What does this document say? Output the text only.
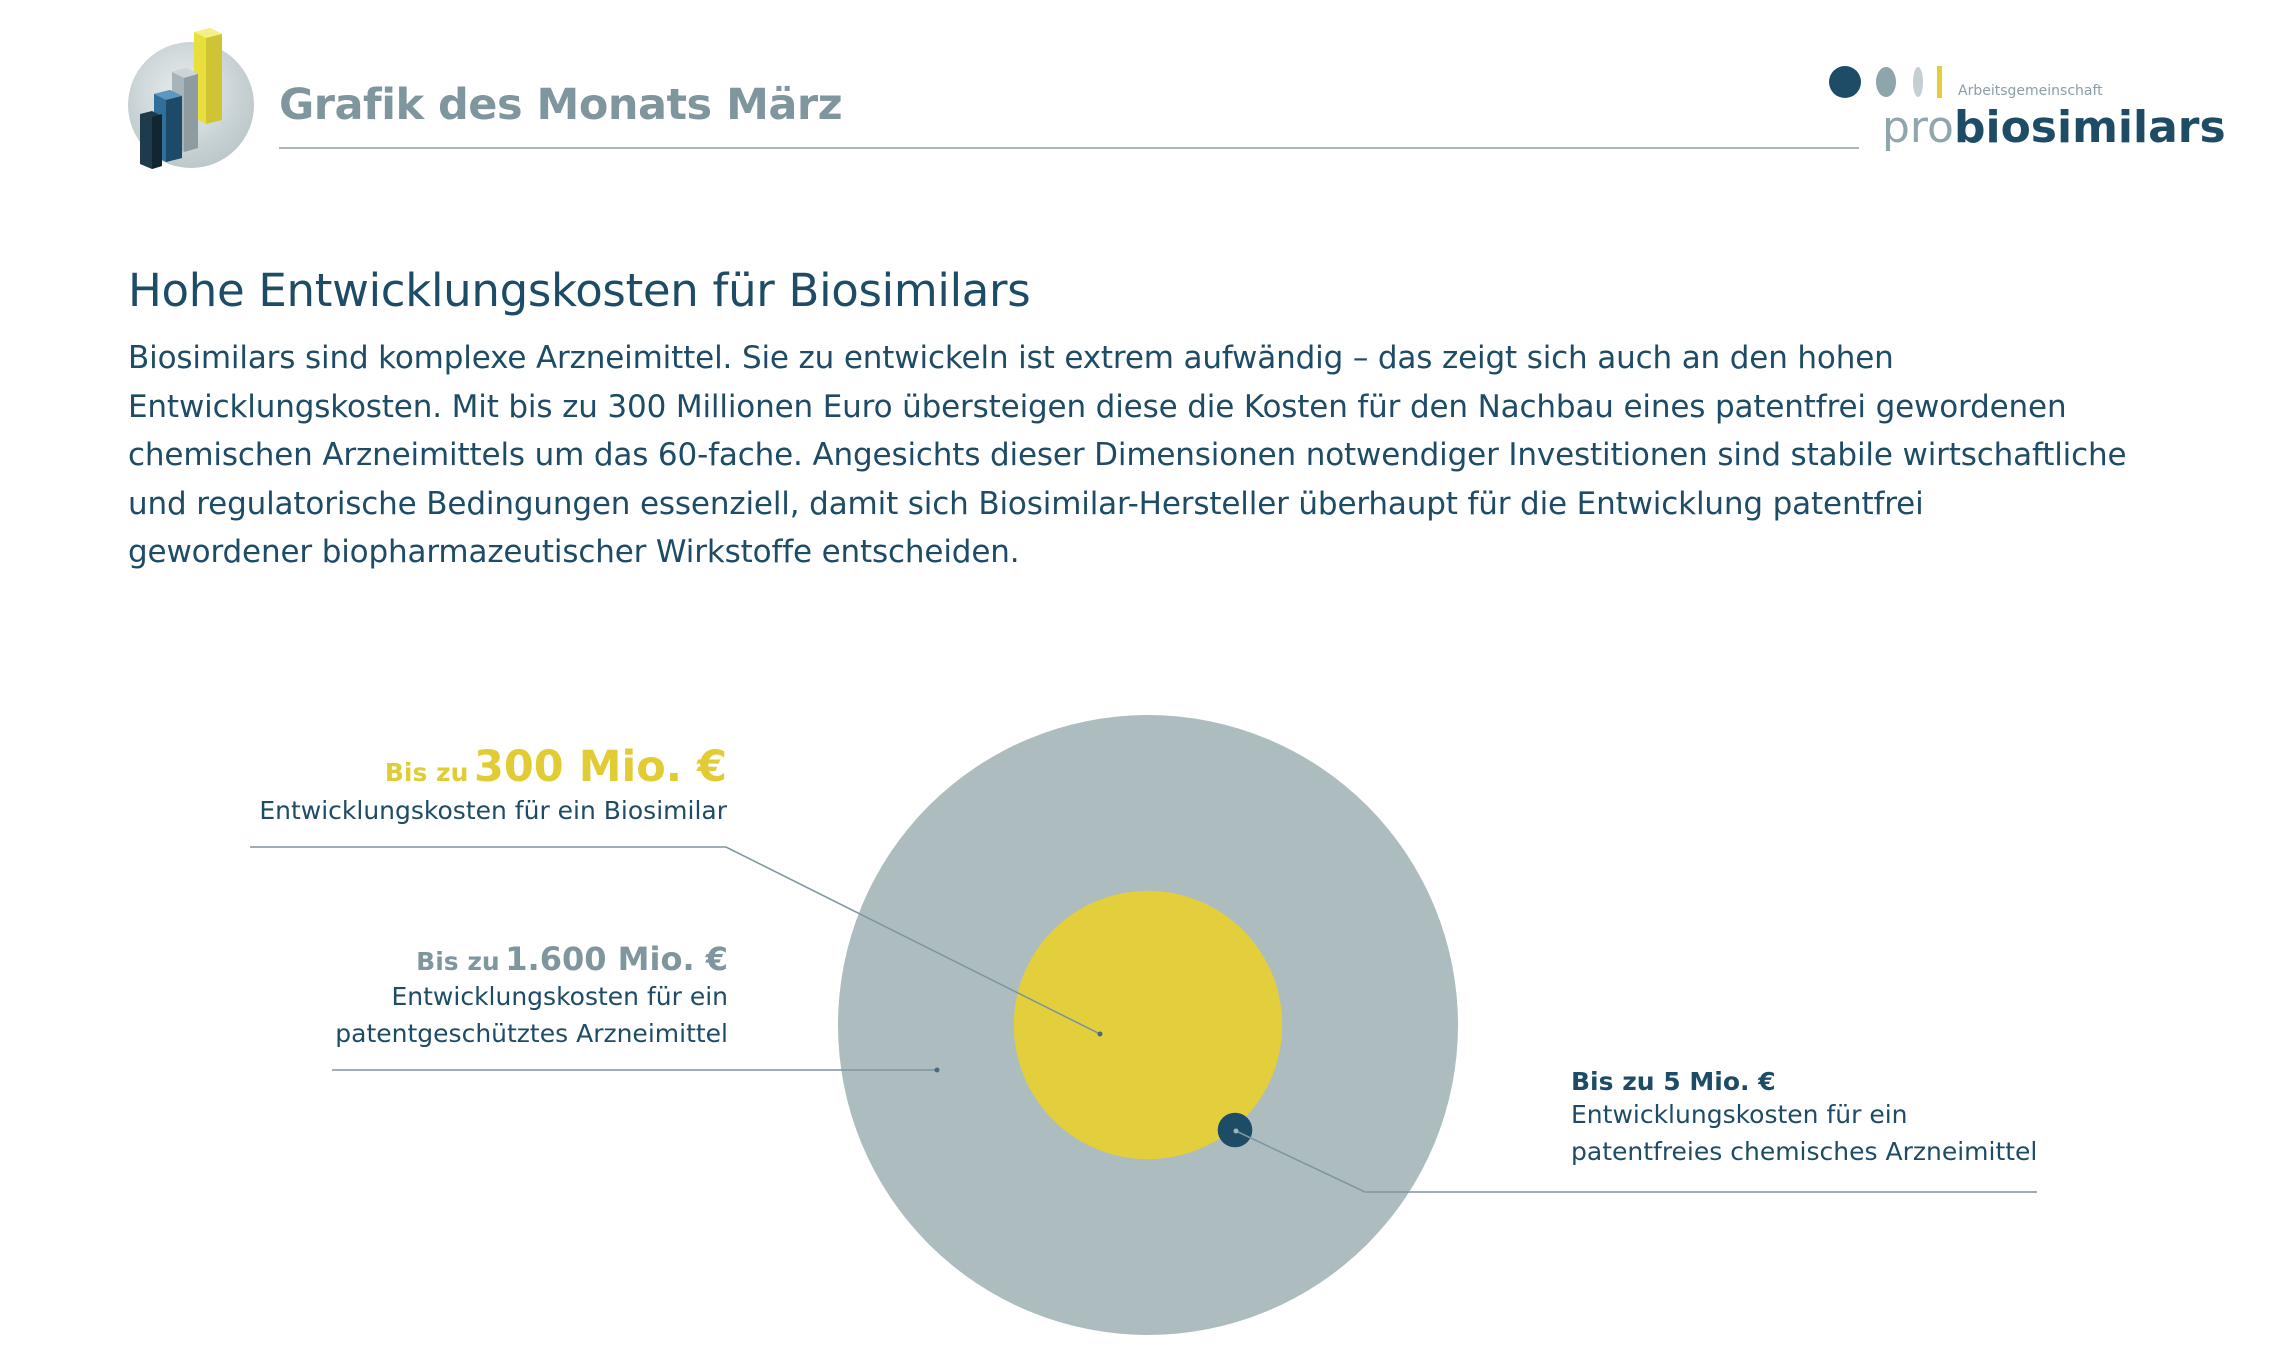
Grafik des Monats März	Arbeitsgemeinschaft
probiosimilars
Hohe Entwicklungskosten für Biosimilars
Biosimilars sind komplexe Arzneimittel. Sie zu entwickeln ist extrem aufwändig – das zeigt sich auch an den hohen
Entwicklungskosten. Mit bis zu 300 Millionen Euro übersteigen diese die Kosten für den Nachbau eines patentfrei gewordenen
chemischen Arzneimittels um das 60-fache. Angesichts dieser Dimensionen notwendiger Investitionen sind stabile wirtschaftliche
und regulatorische Bedingungen essenziell, damit sich Biosimilar-Hersteller überhaupt für die Entwicklung patentfrei
gewordener biopharmazeutischer Wirkstoffe entscheiden.
Bis zu 300 Mio. €
Entwicklungskosten für ein Biosimilar
Bis zu 1.600 Mio. €
Entwicklungskosten für ein
patentgeschütztes Arzneimittel
Bis zu 5 Mio. €
Entwicklungskosten für ein
patentfreies chemisches Arzneimittel
